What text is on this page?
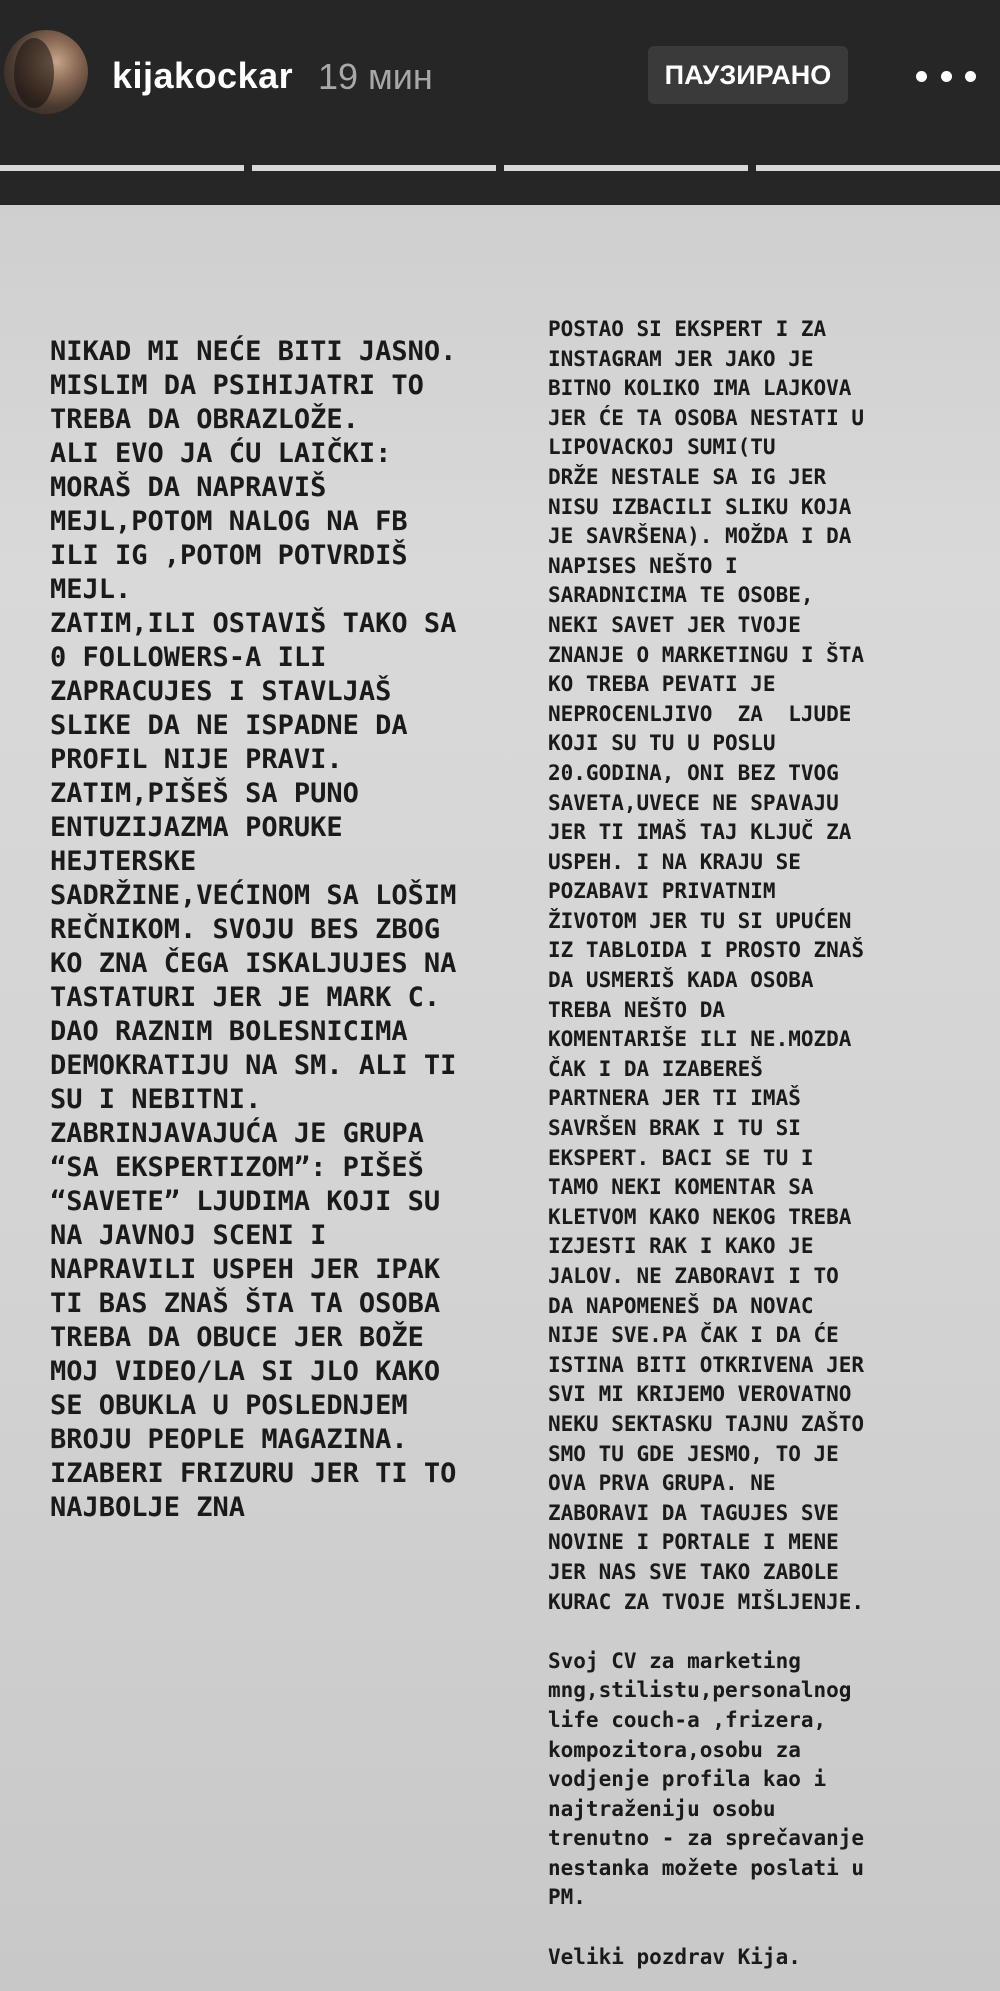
kijakockar 19 мин	ПАУЗИРАНО
NIKAD MI NEĆE BITI JASNO.
MISLIM DA PSIHIJATRI TO
TREBA DA OBRAZLOŽE.
ALI EVO JA ĆU LAIČKI:
MORAŠ DA NAPRAVIŠ
MEJL,POTOM NALOG NA FB
ILI IG ,POTOM POTVRDIŠ
MEJL.
ZATIM,ILI OSTAVIŠ TAKO SA
0 FOLLOWERS-A ILI
ZAPRACUJES I STAVLJAŠ
SLIKE DA NE ISPADNE DA
PROFIL NIJE PRAVI.
ZATIM,PIŠEŠ SA PUNO
ENTUZIJAZMA PORUKE
HEJTERSKE
SADRŽINE,VEĆINOM SA LOŠIM
REČNIKOM. SVOJU BES ZBOG
KO ZNA ČEGA ISKALJUJES NA
TASTATURI JER JE MARK C.
DAO RAZNIM BOLESNICIMA
DEMOKRATIJU NA SM. ALI TI
SU I NEBITNI.
ZABRINJAVAJUĆA JE GRUPA
“SA EKSPERTIZOM”: PIŠEŠ
“SAVETE” LJUDIMA KOJI SU
NA JAVNOJ SCENI I
NAPRAVILI USPEH JER IPAK
TI BAS ZNAŠ ŠTA TA OSOBA
TREBA DA OBUCE JER BOŽE
MOJ VIDEO/LA SI JLO KAKO
SE OBUKLA U POSLEDNJEM
BROJU PEOPLE MAGAZINA.
IZABERI FRIZURU JER TI TO
NAJBOLJE ZNA
POSTAO SI EKSPERT I ZA
INSTAGRAM JER JAKO JE
BITNO KOLIKO IMA LAJKOVA
JER ĆE TA OSOBA NESTATI U
LIPOVACKOJ SUMI(TU
DRŽE NESTALE SA IG JER
NISU IZBACILI SLIKU KOJA
JE SAVRŠENA). MOŽDA I DA
NAPISES NEŠTO I
SARADNICIMA TE OSOBE,
NEKI SAVET JER TVOJE
ZNANJE O MARKETINGU I ŠTA
KO TREBA PEVATI JE
NEPROCENLJIVO  ZA  LJUDE
KOJI SU TU U POSLU
20.GODINA, ONI BEZ TVOG
SAVETA,UVECE NE SPAVAJU
JER TI IMAŠ TAJ KLJUČ ZA
USPEH. I NA KRAJU SE
POZABAVI PRIVATNIM
ŽIVOTOM JER TU SI UPUĆEN
IZ TABLOIDA I PROSTO ZNAŠ
DA USMERIŠ KADA OSOBA
TREBA NEŠTO DA
KOMENTARIŠE ILI NE.MOZDA
ČAK I DA IZABEREŠ
PARTNERA JER TI IMAŠ
SAVRŠEN BRAK I TU SI
EKSPERT. BACI SE TU I
TAMO NEKI KOMENTAR SA
KLETVOM KAKO NEKOG TREBA
IZJESTI RAK I KAKO JE
JALOV. NE ZABORAVI I TO
DA NAPOMENEŠ DA NOVAC
NIJE SVE.PA ČAK I DA ĆE
ISTINA BITI OTKRIVENA JER
SVI MI KRIJEMO VEROVATNO
NEKU SEKTASKU TAJNU ZAŠTO
SMO TU GDE JESMO, TO JE
OVA PRVA GRUPA. NE
ZABORAVI DA TAGUJES SVE
NOVINE I PORTALE I MENE
JER NAS SVE TAKO ZABOLE
KURAC ZA TVOJE MIŠLJENJE.

Svoj CV za marketing
mng,stilistu,personalnog
life couch-a ,frizera,
kompozitora,osobu za
vodjenje profila kao i
najtraženiju osobu
trenutno - za sprečavanje
nestanka možete poslati u
PM.

Veliki pozdrav Kija.
